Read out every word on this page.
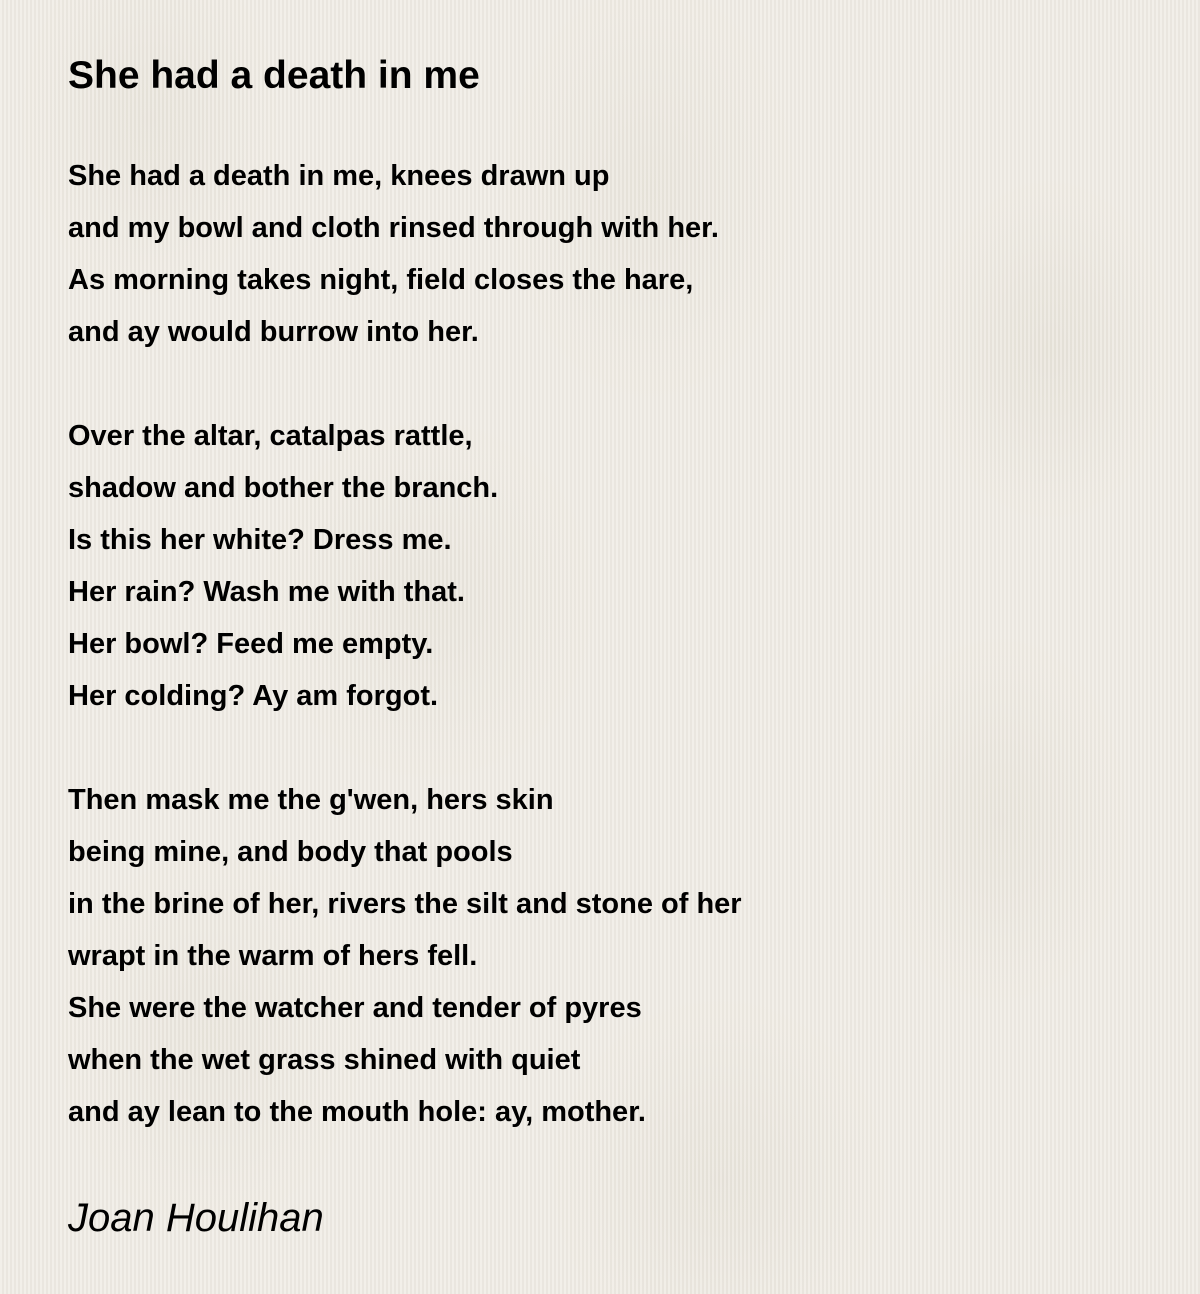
She had a death in me
She had a death in me, knees drawn up
and my bowl and cloth rinsed through with her.
As morning takes night, field closes the hare,
and ay would burrow into her.
Over the altar, catalpas rattle,
shadow and bother the branch.
Is this her white? Dress me.
Her rain? Wash me with that.
Her bowl? Feed me empty.
Her colding? Ay am forgot.
Then mask me the g'wen, hers skin
being mine, and body that pools
in the brine of her, rivers the silt and stone of her
wrapt in the warm of hers fell.
She were the watcher and tender of pyres
when the wet grass shined with quiet
and ay lean to the mouth hole: ay, mother.
Joan Houlihan
